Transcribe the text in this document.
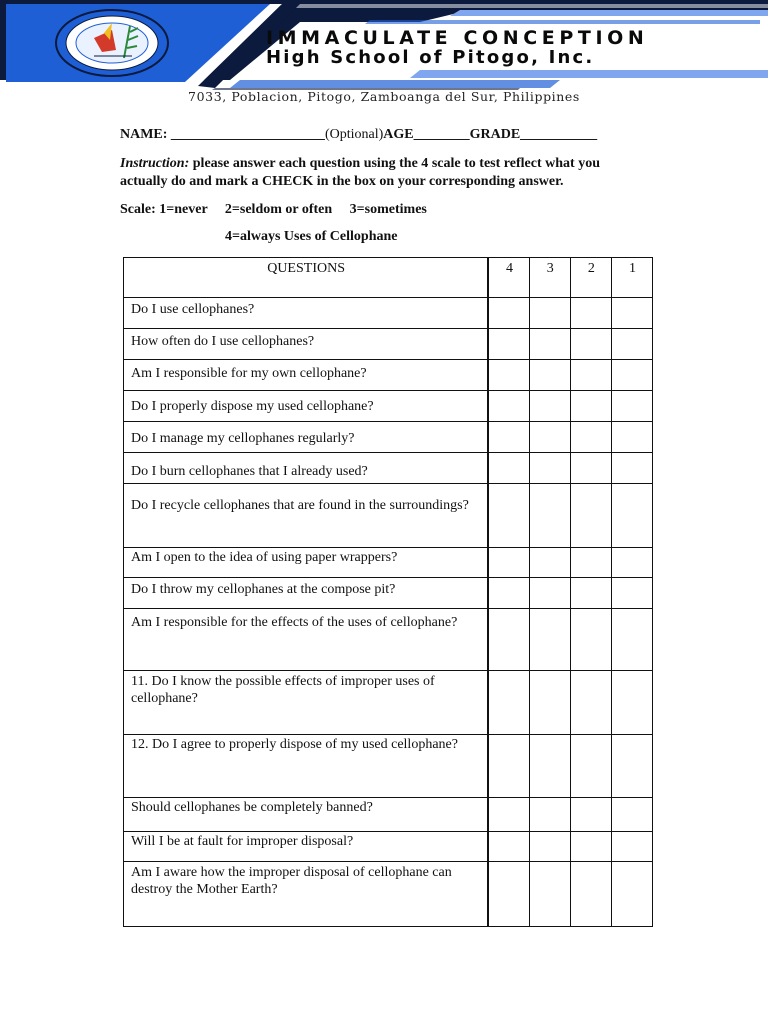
IMMACULATE CONCEPTION
High School of Pitogo, Inc.
7033, Poblacion, Pitogo, Zamboanga del Sur, Philippines
NAME: ______________________(Optional)AGE________GRADE___________
Instruction: please answer each question using the 4 scale to test reflect what you actually do and mark a CHECK in the box on your corresponding answer.
Scale: 1=never     2=seldom or often     3=sometimes
4=always Uses of Cellophane
QUESTIONS	4	3	2	1
Do I use cellophanes?				
How often do I use cellophanes?				
Am I responsible for my own cellophane?				
Do I properly dispose my used cellophane?				
Do I manage my cellophanes regularly?				
Do I burn cellophanes that I already used?				
Do I recycle cellophanes that are found in the surroundings?				
Am I open to the idea of using paper wrappers?				
Do I throw my cellophanes at the compose pit?				
Am I responsible for the effects of the uses of cellophane?				
11. Do I know the possible effects of improper uses of cellophane?				
12. Do I agree to properly dispose of my used cellophane?				
Should cellophanes be completely banned?				
Will I be at fault for improper disposal?				
Am I aware how the improper disposal of cellophane can destroy the Mother Earth?				
